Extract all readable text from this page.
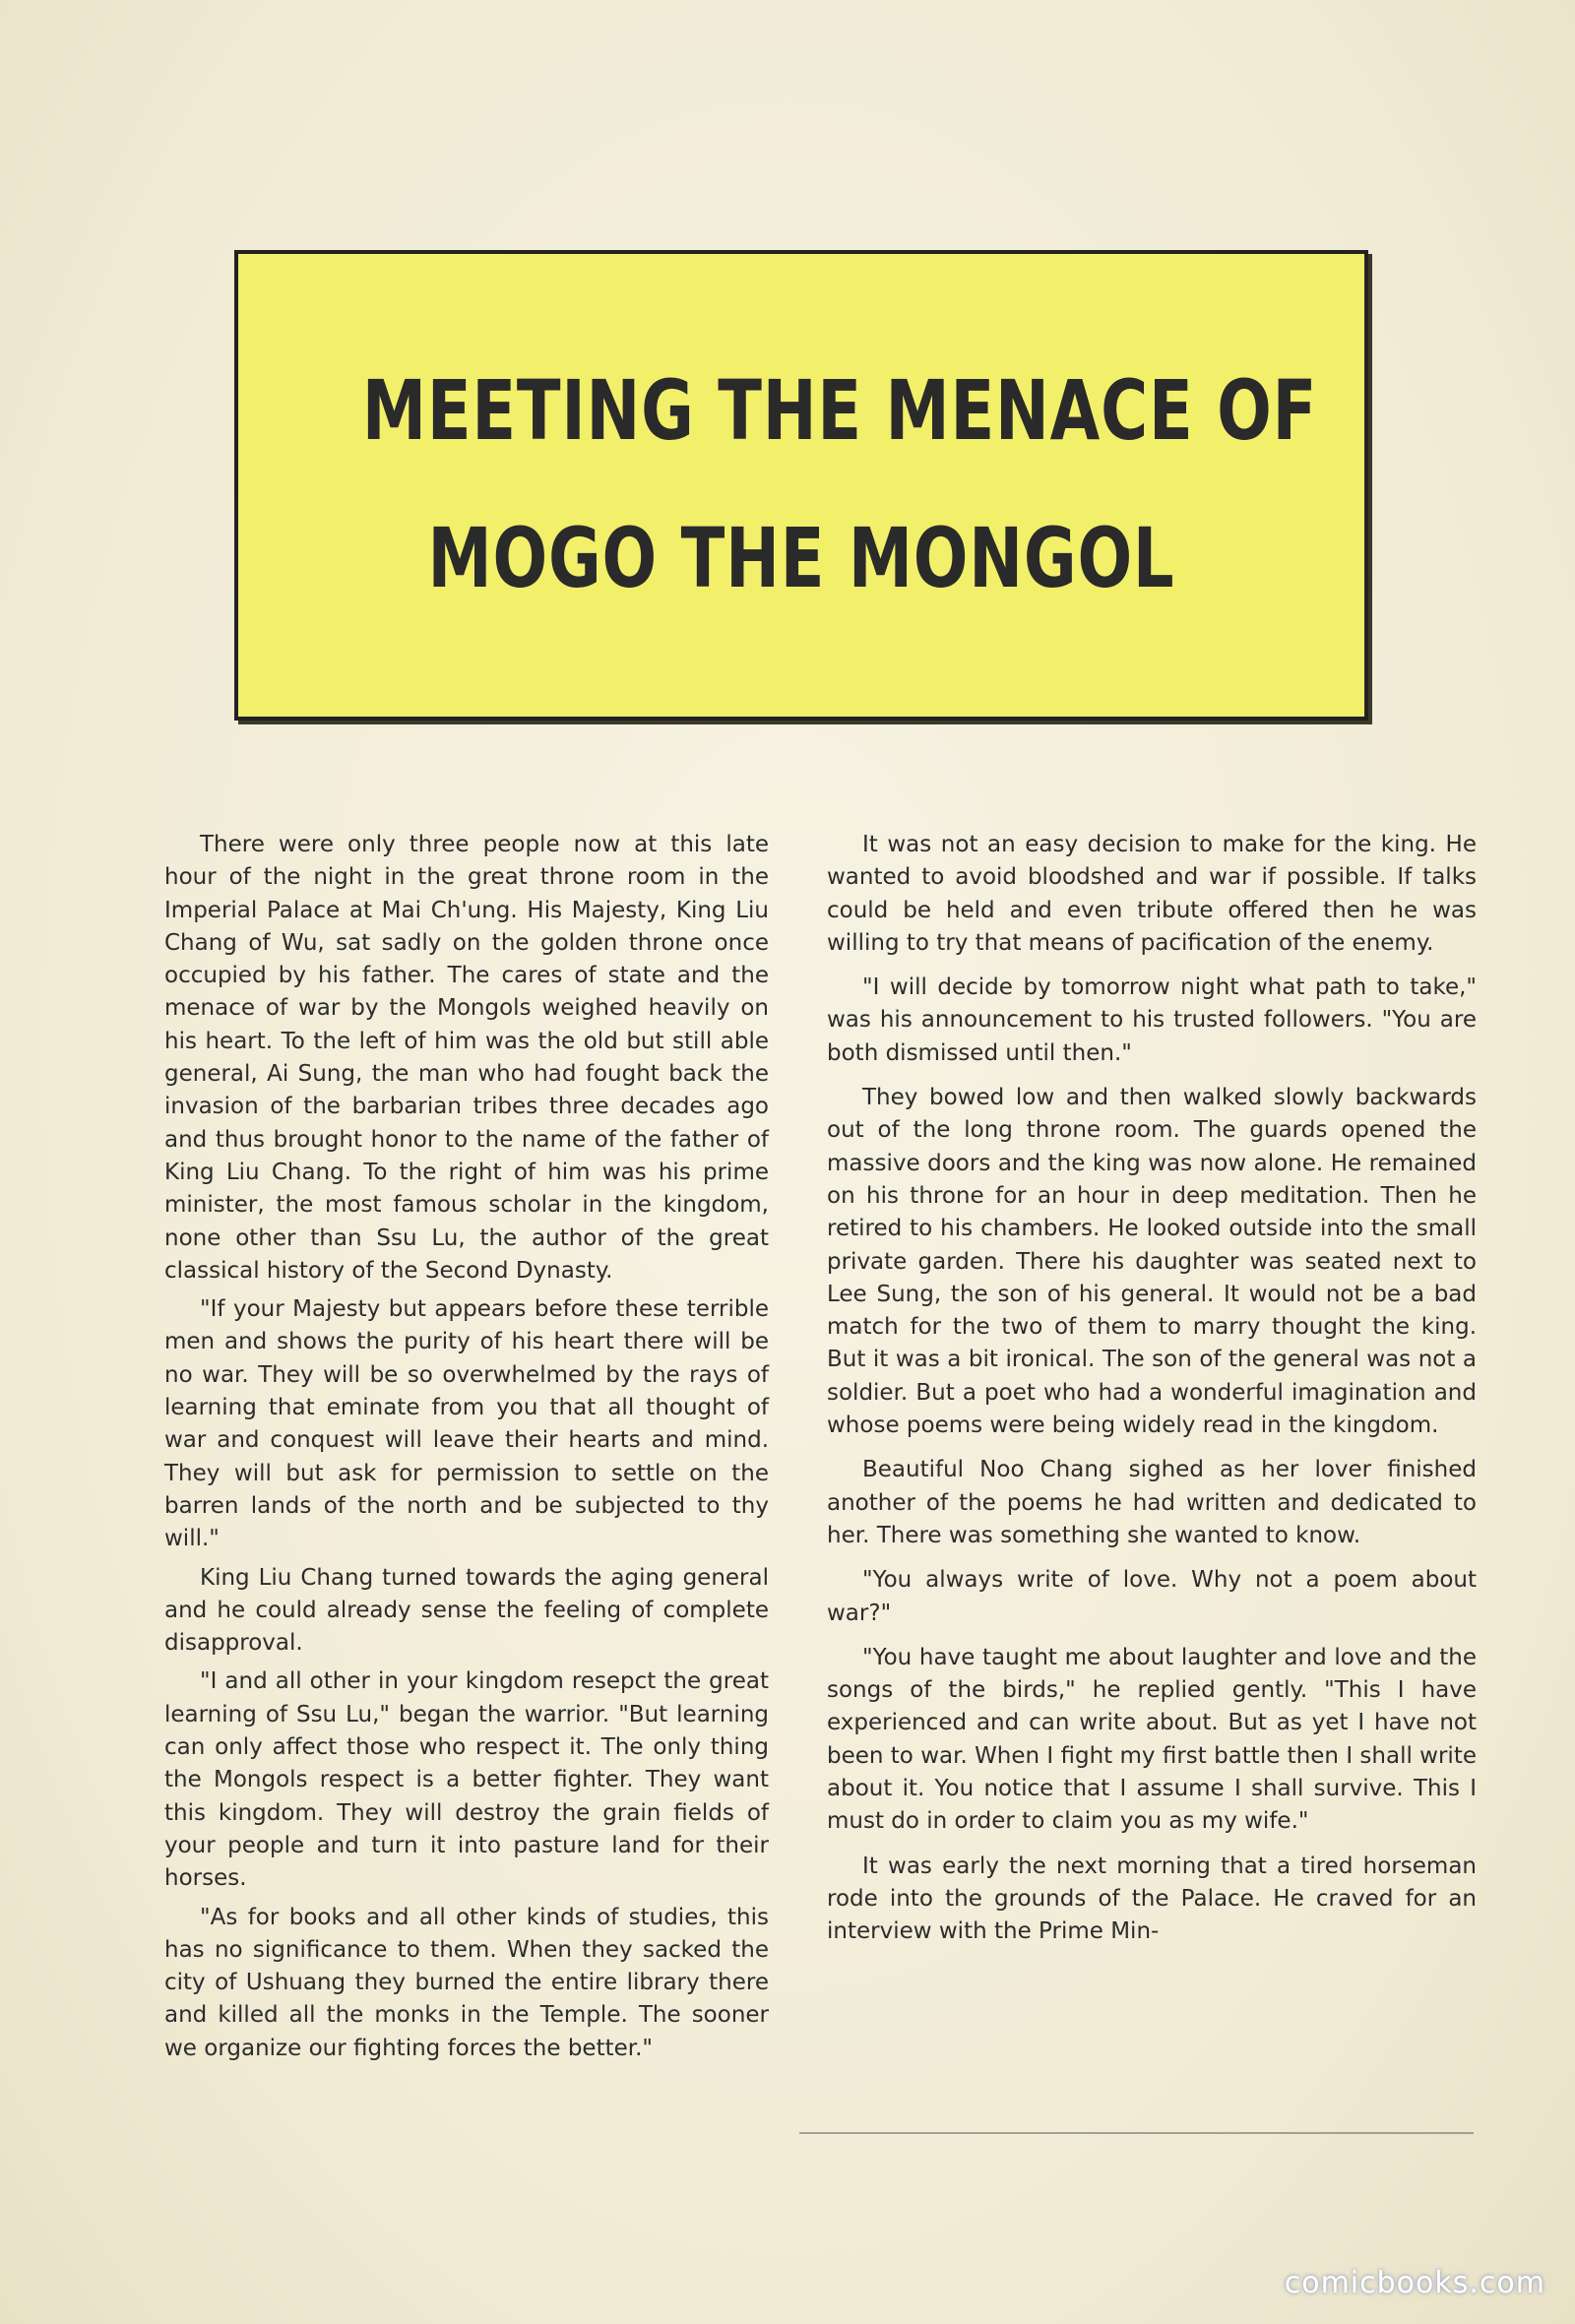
MEETING THE MENACE OF
MOGO THE MONGOL

There were only three people now at this late hour of the night in the great throne room in the Imperial Palace at Mai Ch'ung. His Majesty, King Liu Chang of Wu, sat sadly on the golden throne once occupied by his father. The cares of state and the menace of war by the Mongols weighed heavily on his heart. To the left of him was the old but still able general, Ai Sung, the man who had fought back the invasion of the barbarian tribes three decades ago and thus brought honor to the name of the father of King Liu Chang. To the right of him was his prime minister, the most famous scholar in the kingdom, none other than Ssu Lu, the author of the great classical history of the Second Dynasty.

"If your Majesty but appears before these terrible men and shows the purity of his heart there will be no war. They will be so overwhelmed by the rays of learning that eminate from you that all thought of war and conquest will leave their hearts and mind. They will but ask for permission to settle on the barren lands of the north and be subjected to thy will."

King Liu Chang turned towards the aging general and he could already sense the feeling of complete disapproval.

"I and all other in your kingdom resepct the great learning of Ssu Lu," began the warrior. "But learning can only affect those who respect it. The only thing the Mongols respect is a better fighter. They want this kingdom. They will destroy the grain fields of your people and turn it into pasture land for their horses.

"As for books and all other kinds of studies, this has no significance to them. When they sacked the city of Ushuang they burned the entire library there and killed all the monks in the Temple. The sooner we organize our fighting forces the better."

It was not an easy decision to make for the king. He wanted to avoid bloodshed and war if possible. If talks could be held and even tribute offered then he was willing to try that means of pacification of the enemy.

"I will decide by tomorrow night what path to take," was his announcement to his trusted followers. "You are both dismissed until then."

They bowed low and then walked slowly backwards out of the long throne room. The guards opened the massive doors and the king was now alone. He remained on his throne for an hour in deep meditation. Then he retired to his chambers. He looked outside into the small private garden. There his daughter was seated next to Lee Sung, the son of his general. It would not be a bad match for the two of them to marry thought the king. But it was a bit ironical. The son of the general was not a soldier. But a poet who had a wonderful imagination and whose poems were being widely read in the kingdom.

Beautiful Noo Chang sighed as her lover finished another of the poems he had written and dedicated to her. There was something she wanted to know.

"You always write of love. Why not a poem about war?"

"You have taught me about laughter and love and the songs of the birds," he replied gently. "This I have experienced and can write about. But as yet I have not been to war. When I fight my first battle then I shall write about it. You notice that I assume I shall survive. This I must do in order to claim you as my wife."

It was early the next morning that a tired horseman rode into the grounds of the Palace. He craved for an interview with the Prime Min-

comicbooks.com
